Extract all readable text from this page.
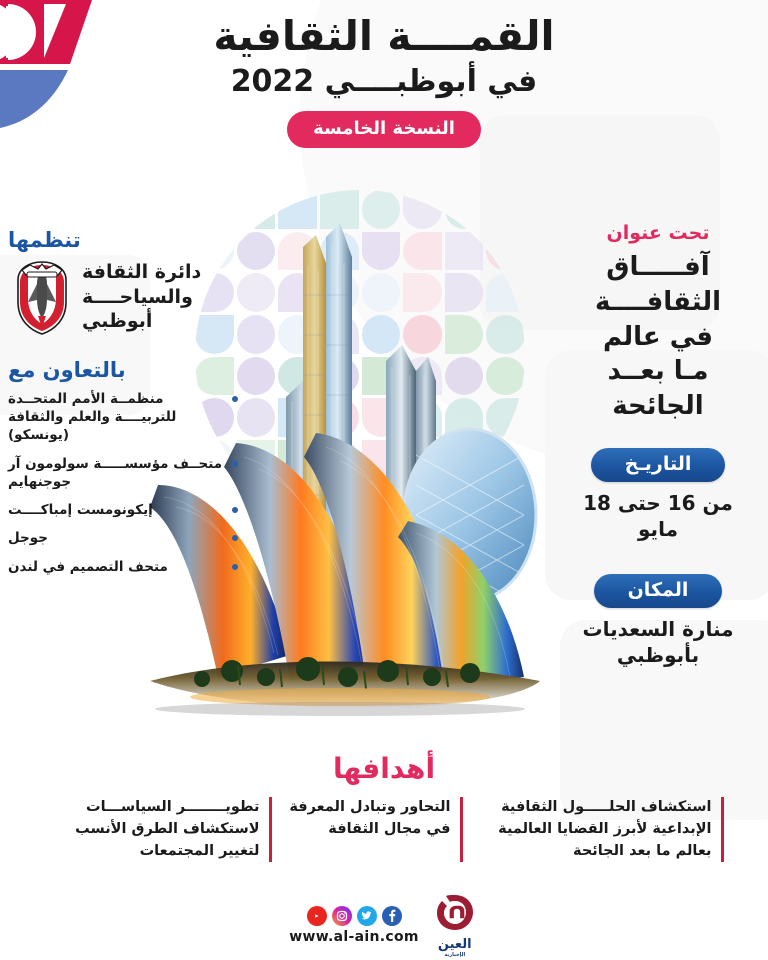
القمــــة الثقافية
في أبوظبــــي 2022
النسخة الخامسة
تحت عنوان
آفـــــاق
الثقافــــة
في عالم
مـا بعــد
الجائحة
التاريـخ
من 16 حتى 18 مايو
المكان
منارة السعديات
بأبوظبي
تنظمها
دائرة الثقافة
والسياحــــة
أبوظبي
بالتعاون مع
منظمــة الأمم المتحــدة للتربيــــة والعلم والثقافة (يونسكو)
متحــف مؤسســـــة سولومون آر جوجنهايم
إيكونومست إمباكــــت
جوجل
متحف التصميم في لندن
أهدافها
استكشاف الحلـــــول الثقافية الإبداعية لأبرز القضايا العالمية بعالم ما بعد الجائحة
التحاور وتبادل المعرفة في مجال الثقافة
تطويــــــــر السياســـات لاستكشاف الطرق الأنسب لتغيير المجتمعات
www.al-ain.com العين
الإخبارية
